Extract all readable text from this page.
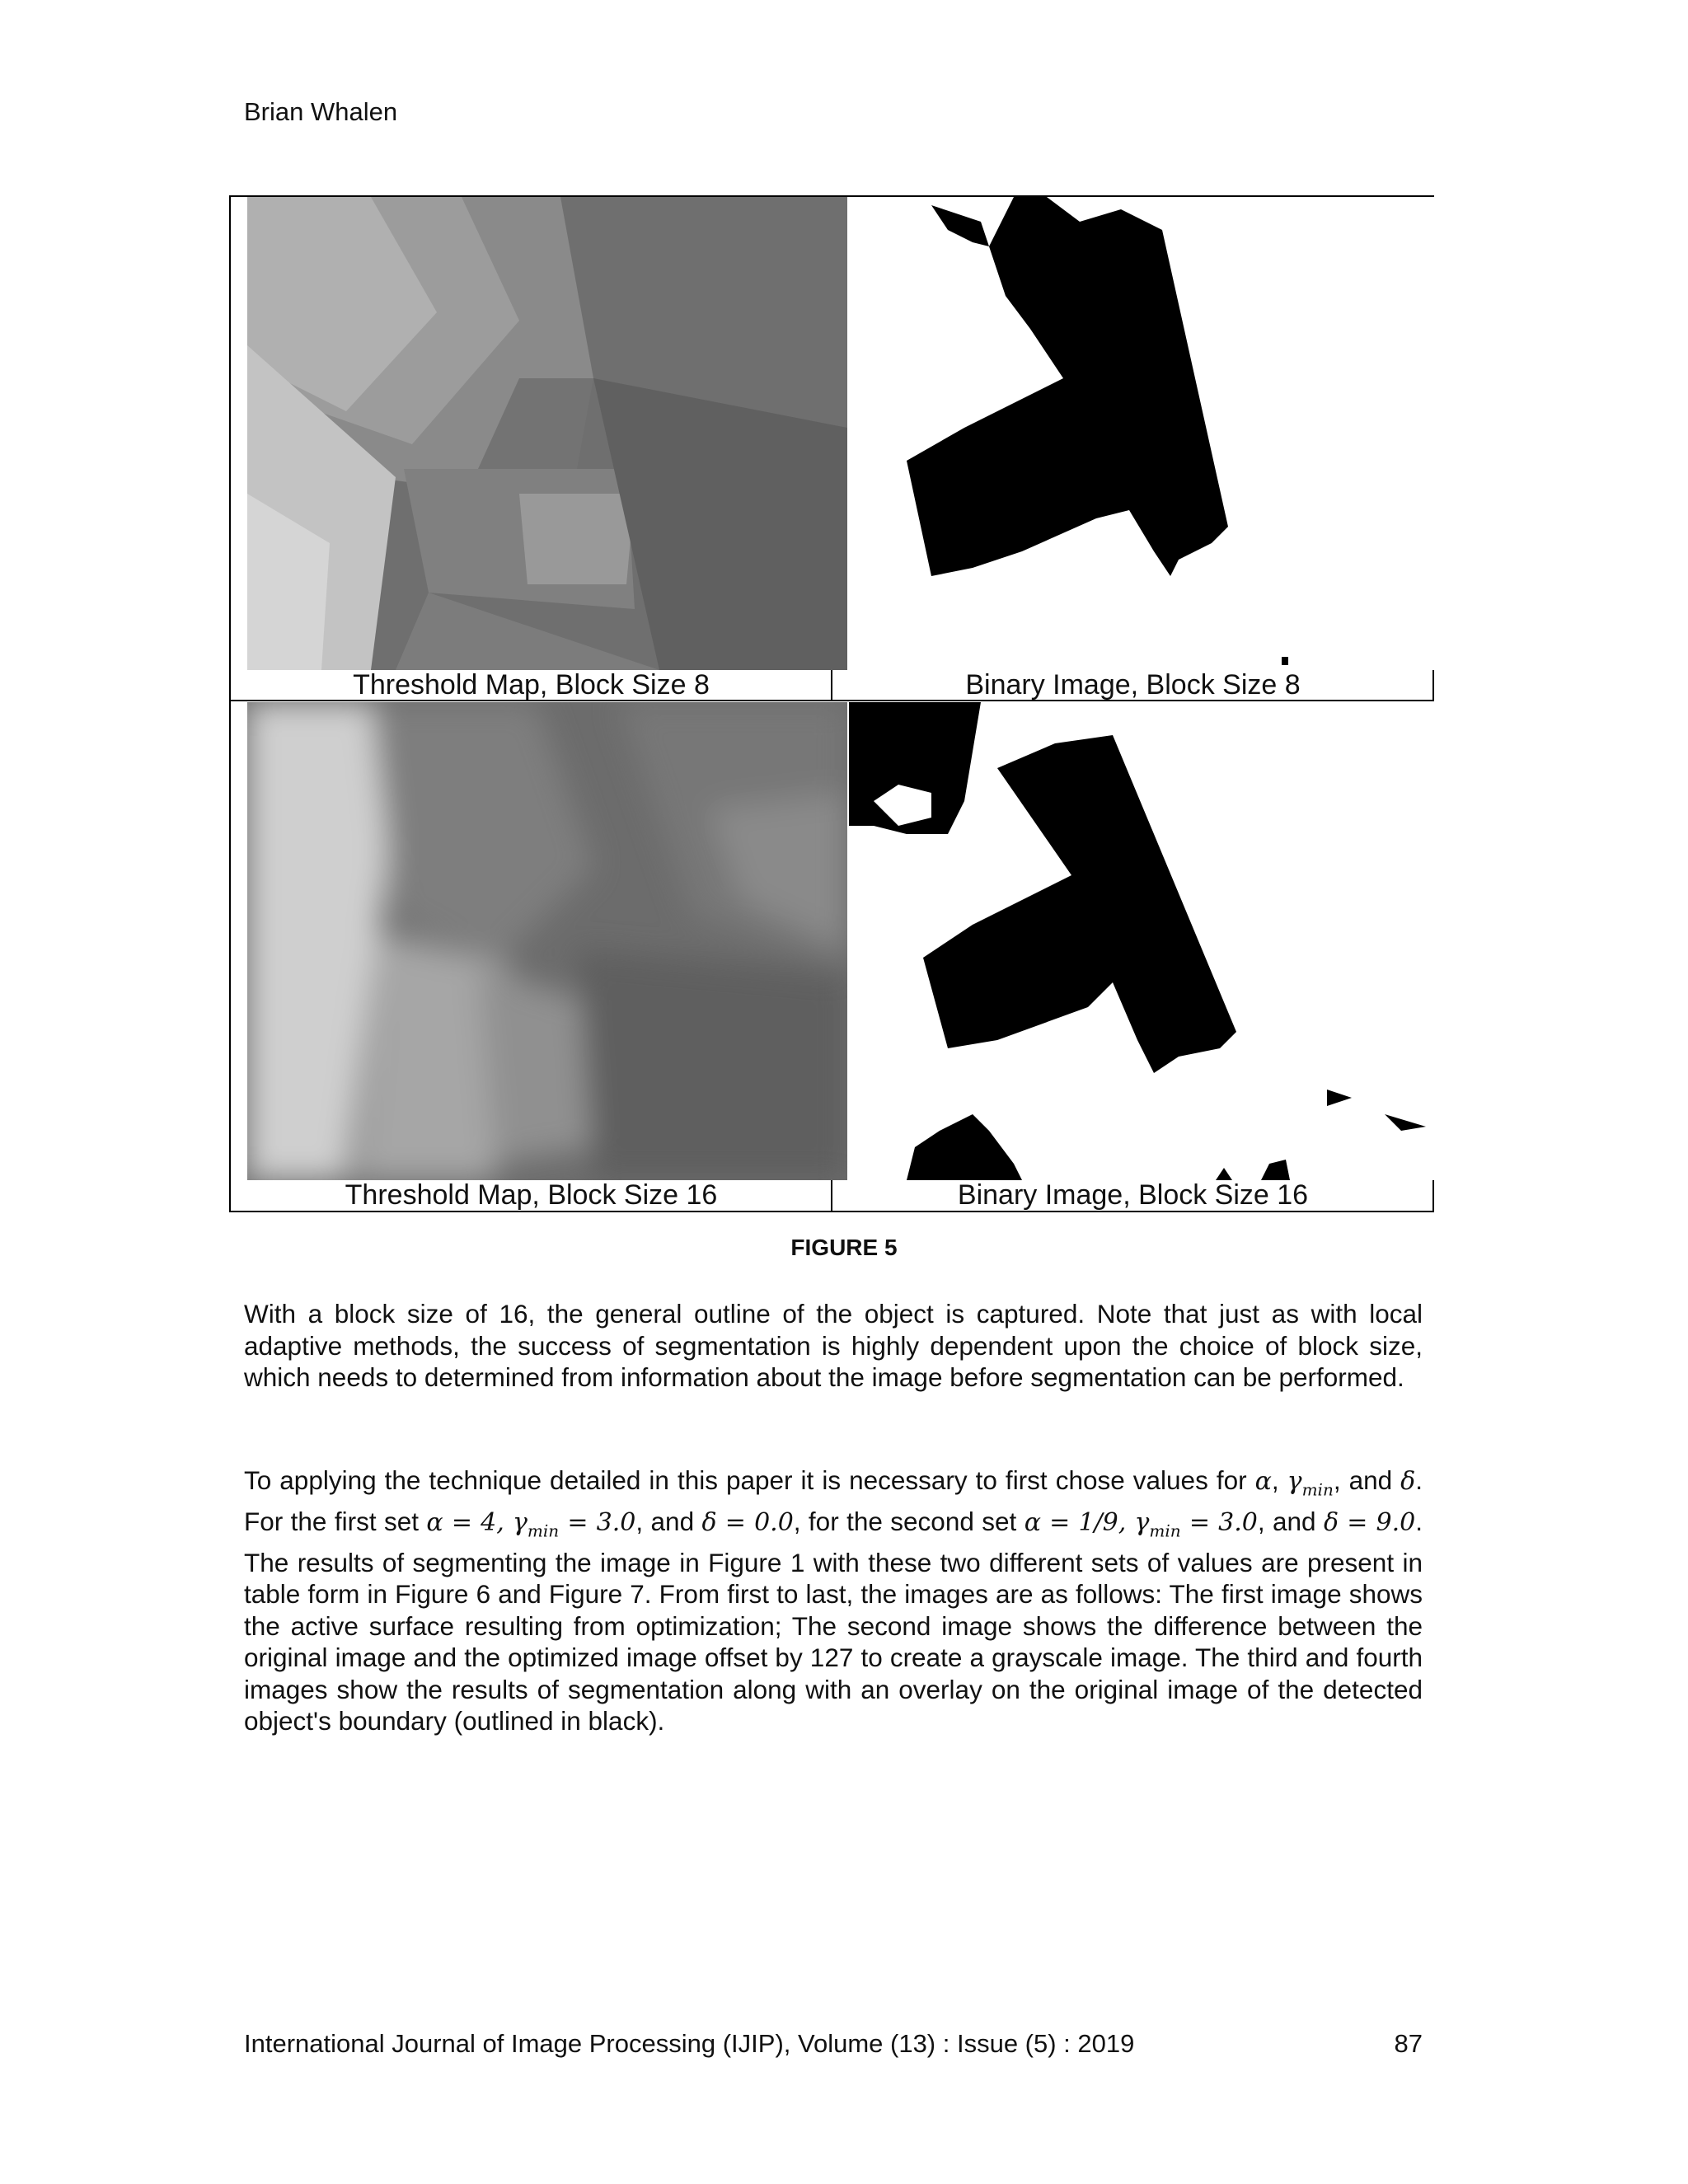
Brian Whalen
Threshold Map, Block Size 8	Binary Image, Block Size 8
Threshold Map, Block Size 16	Binary Image, Block Size 16
FIGURE 5

With a block size of 16, the general outline of the object is captured. Note that just as with local adaptive methods, the success of segmentation is highly dependent upon the choice of block size, which needs to determined from information about the image before segmentation can be performed.

To applying the technique detailed in this paper it is necessary to first chose values for α, $\gamma_{min}$, and δ. For the first set α = 4, $\gamma_{min} = 3.0$, and δ = 0.0, for the second set α = 1/9, $\gamma_{min} = 3.0$, and δ = 9.0. The results of segmenting the image in Figure 1 with these two different sets of values are present in table form in Figure 6 and Figure 7. From first to last, the images are as follows: The first image shows the active surface resulting from optimization; The second image shows the difference between the original image and the optimized image offset by 127 to create a grayscale image. The third and fourth images show the results of segmentation along with an overlay on the original image of the detected object's boundary (outlined in black).

International Journal of Image Processing (IJIP), Volume (13) : Issue (5) : 2019	87
